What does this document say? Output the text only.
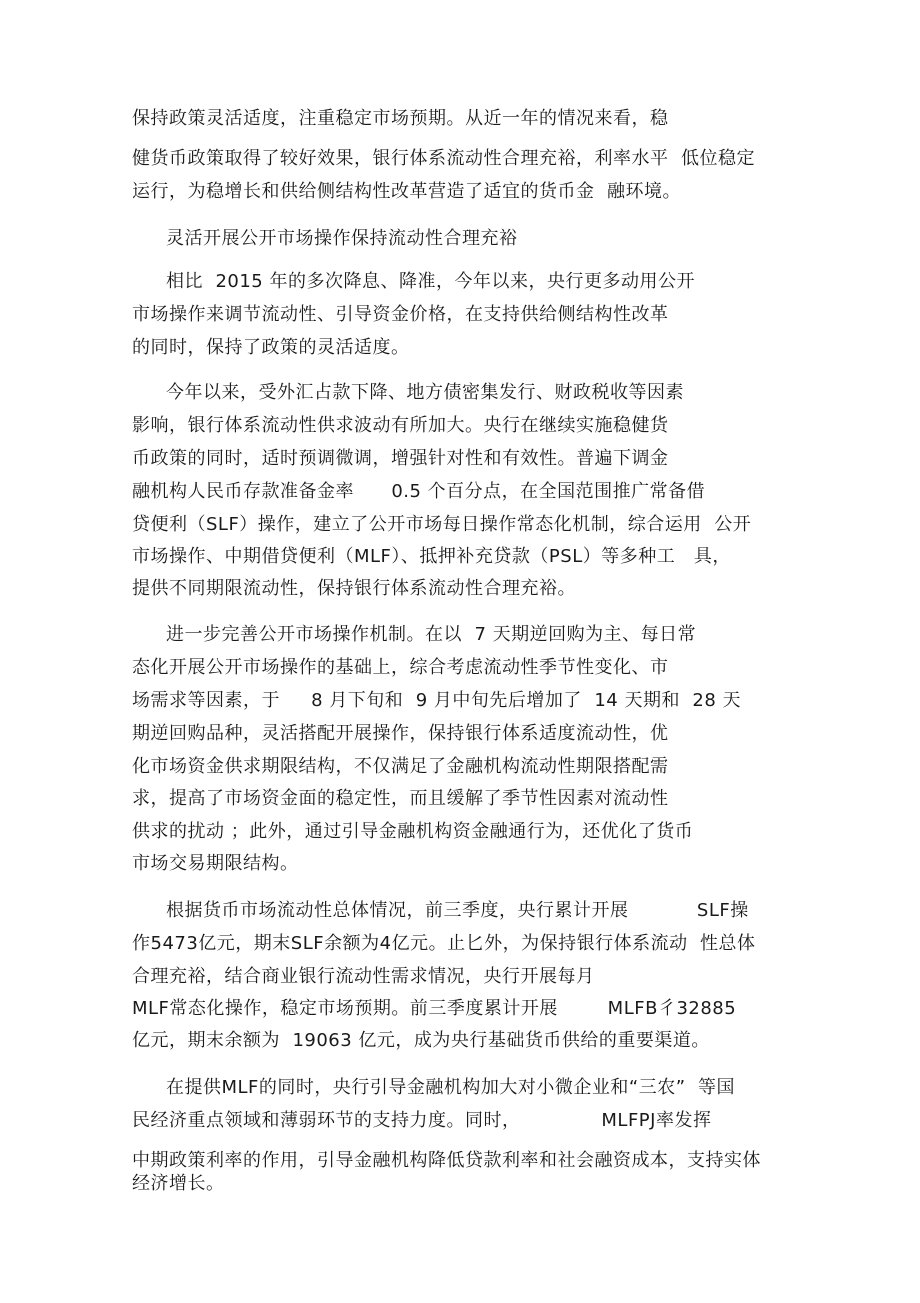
保持政策灵活适度，注重稳定市场预期。从近一年的情况来看，稳
健货币政策取得了较好效果，银行体系流动性合理充裕，利率水平  低位稳定
运行，为稳增长和供给侧结构性改革营造了适宜的货币金  融环境。
灵活开展公开市场操作保持流动性合理充裕
相比  2015 年的多次降息、降准，今年以来，央行更多动用公开
市场操作来调节流动性、引导资金价格，在支持供给侧结构性改革
的同时，保持了政策的灵活适度。
今年以来，受外汇占款下降、地方债密集发行、财政税收等因素
影响，银行体系流动性供求波动有所加大。央行在继续实施稳健货
币政策的同时，适时预调微调，增强针对性和有效性。普遍下调金
融机构人民币存款准备金率      0.5 个百分点，在全国范围推广常备借
贷便利（SLF）操作，建立了公开市场每日操作常态化机制，综合运用  公开
市场操作、中期借贷便利（MLF）、抵押补充贷款（PSL）等多种工   具，
提供不同期限流动性，保持银行体系流动性合理充裕。
进一步完善公开市场操作机制。在以  7 天期逆回购为主、每日常
态化开展公开市场操作的基础上，综合考虑流动性季节性变化、市
场需求等因素，于     8 月下旬和  9 月中旬先后增加了  14 天期和  28 天
期逆回购品种，灵活搭配开展操作，保持银行体系适度流动性，优
化市场资金供求期限结构，不仅满足了金融机构流动性期限搭配需
求，提高了市场资金面的稳定性，而且缓解了季节性因素对流动性
供求的扰动 ；此外，通过引导金融机构资金融通行为，还优化了货币
市场交易期限结构。
根据货币市场流动性总体情况，前三季度，央行累计开展           SLF操
作5473亿元，期末SLF余额为4亿元。止匕外，为保持银行体系流动  性总体
合理充裕，结合商业银行流动性需求情况，央行开展每月
MLF常态化操作，稳定市场预期。前三季度累计开展        MLFB彳32885
亿元，期末余额为  19063 亿元，成为央行基础货币供给的重要渠道。
在提供MLF的同时，央行引导金融机构加大对小微企业和“三农”  等国
民经济重点领域和薄弱环节的支持力度。同时，             MLFPJ率发挥
中期政策利率的作用，引导金融机构降低贷款利率和社会融资成本，支持实体
经济增长。
